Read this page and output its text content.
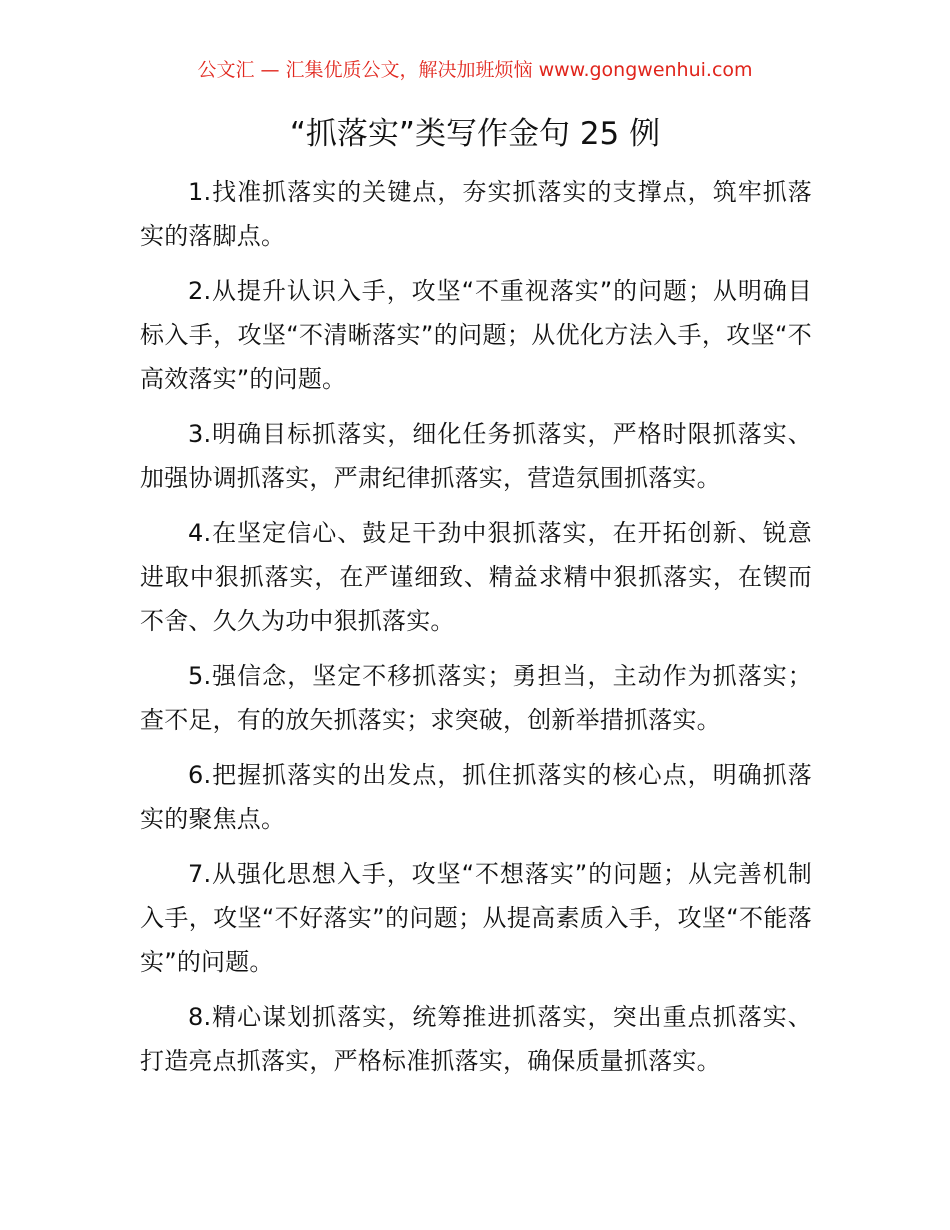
公文汇 — 汇集优质公文，解决加班烦恼 www.gongwenhui.com
“抓落实”类写作金句 25 例

1.找准抓落实的关键点，夯实抓落实的支撑点，筑牢抓落实的落脚点。

2.从提升认识入手，攻坚“不重视落实”的问题；从明确目标入手，攻坚“不清晰落实”的问题；从优化方法入手，攻坚“不高效落实”的问题。

3.明确目标抓落实，细化任务抓落实，严格时限抓落实、加强协调抓落实，严肃纪律抓落实，营造氛围抓落实。

4.在坚定信心、鼓足干劲中狠抓落实，在开拓创新、锐意进取中狠抓落实，在严谨细致、精益求精中狠抓落实，在锲而不舍、久久为功中狠抓落实。

5.强信念，坚定不移抓落实；勇担当，主动作为抓落实；查不足，有的放矢抓落实；求突破，创新举措抓落实。

6.把握抓落实的出发点，抓住抓落实的核心点，明确抓落实的聚焦点。

7.从强化思想入手，攻坚“不想落实”的问题；从完善机制入手，攻坚“不好落实”的问题；从提高素质入手，攻坚“不能落实”的问题。

8.精心谋划抓落实，统筹推进抓落实，突出重点抓落实、打造亮点抓落实，严格标准抓落实，确保质量抓落实。
